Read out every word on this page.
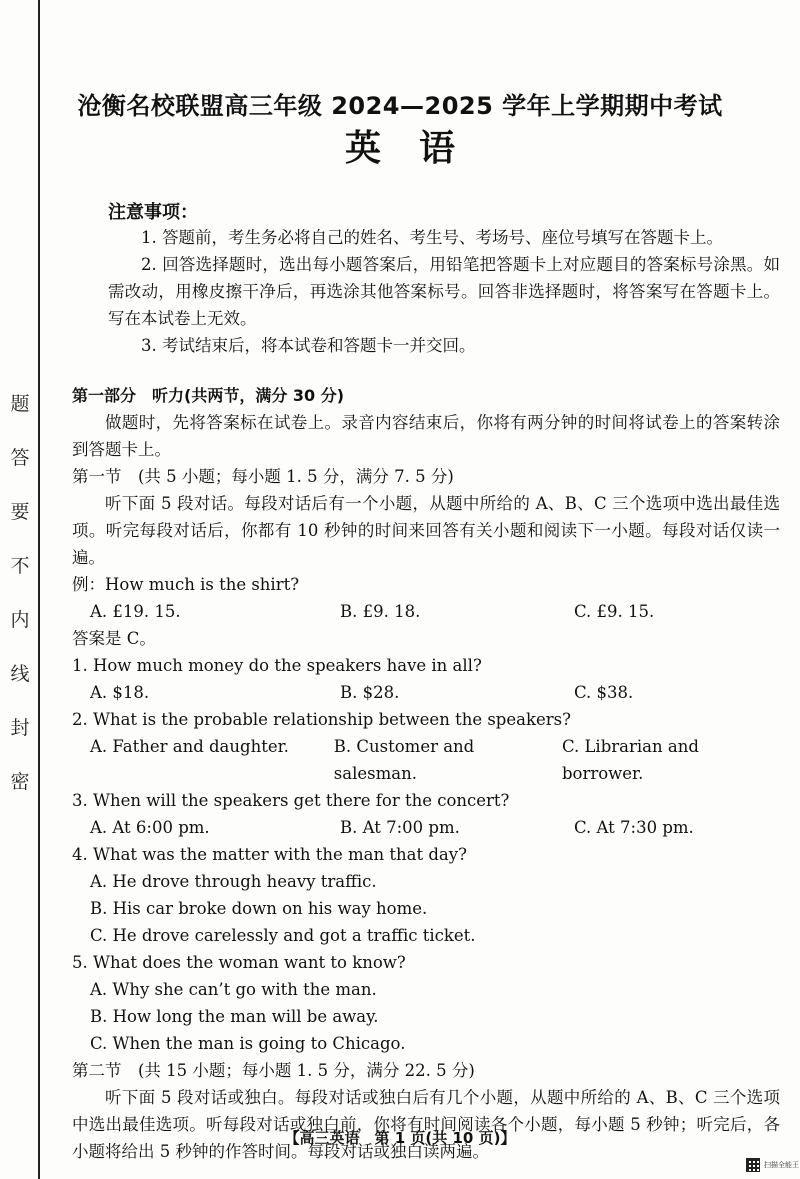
题
答
要
不
内
线
封
密
沧衡名校联盟高三年级 2024—2025 学年上学期期中考试
英语
注意事项：

1. 答题前，考生务必将自己的姓名、考生号、考场号、座位号填写在答题卡上。

2. 回答选择题时，选出每小题答案后，用铅笔把答题卡上对应题目的答案标号涂黑。如需改动，用橡皮擦干净后，再选涂其他答案标号。回答非选择题时，将答案写在答题卡上。写在本试卷上无效。

3. 考试结束后，将本试卷和答题卡一并交回。

第一部分　听力(共两节，满分 30 分)

做题时，先将答案标在试卷上。录音内容结束后，你将有两分钟的时间将试卷上的答案转涂到答题卡上。

第一节　(共 5 小题；每小题 1. 5 分，满分 7. 5 分)

听下面 5 段对话。每段对话后有一个小题，从题中所给的 A、B、C 三个选项中选出最佳选项。听完每段对话后，你都有 10 秒钟的时间来回答有关小题和阅读下一小题。每段对话仅读一遍。

例：How much is the shirt?

A. £19. 15.	B. £9. 18.	C. £9. 15.

答案是 C。

1. How much money do the speakers have in all?

A. $18.	B. $28.	C. $38.

2. What is the probable relationship between the speakers?

A. Father and daughter.	B. Customer and salesman.
C. Librarian and borrower.

3. When will the speakers get there for the concert?

A. At 6:00 pm.	B. At 7:00 pm.	C. At 7:30 pm.

4. What was the matter with the man that day?

A. He drove through heavy traffic.

B. His car broke down on his way home.

C. He drove carelessly and got a traffic ticket.

5. What does the woman want to know?

A. Why she can’t go with the man.

B. How long the man will be away.

C. When the man is going to Chicago.

第二节　(共 15 小题；每小题 1. 5 分，满分 22. 5 分)

听下面 5 段对话或独白。每段对话或独白后有几个小题，从题中所给的 A、B、C 三个选项中选出最佳选项。听每段对话或独白前，你将有时间阅读各个小题，每小题 5 秒钟；听完后，各小题将给出 5 秒钟的作答时间。每段对话或独白读两遍。

【高三英语　第 1 页(共 10 页)】
扫描全能王
